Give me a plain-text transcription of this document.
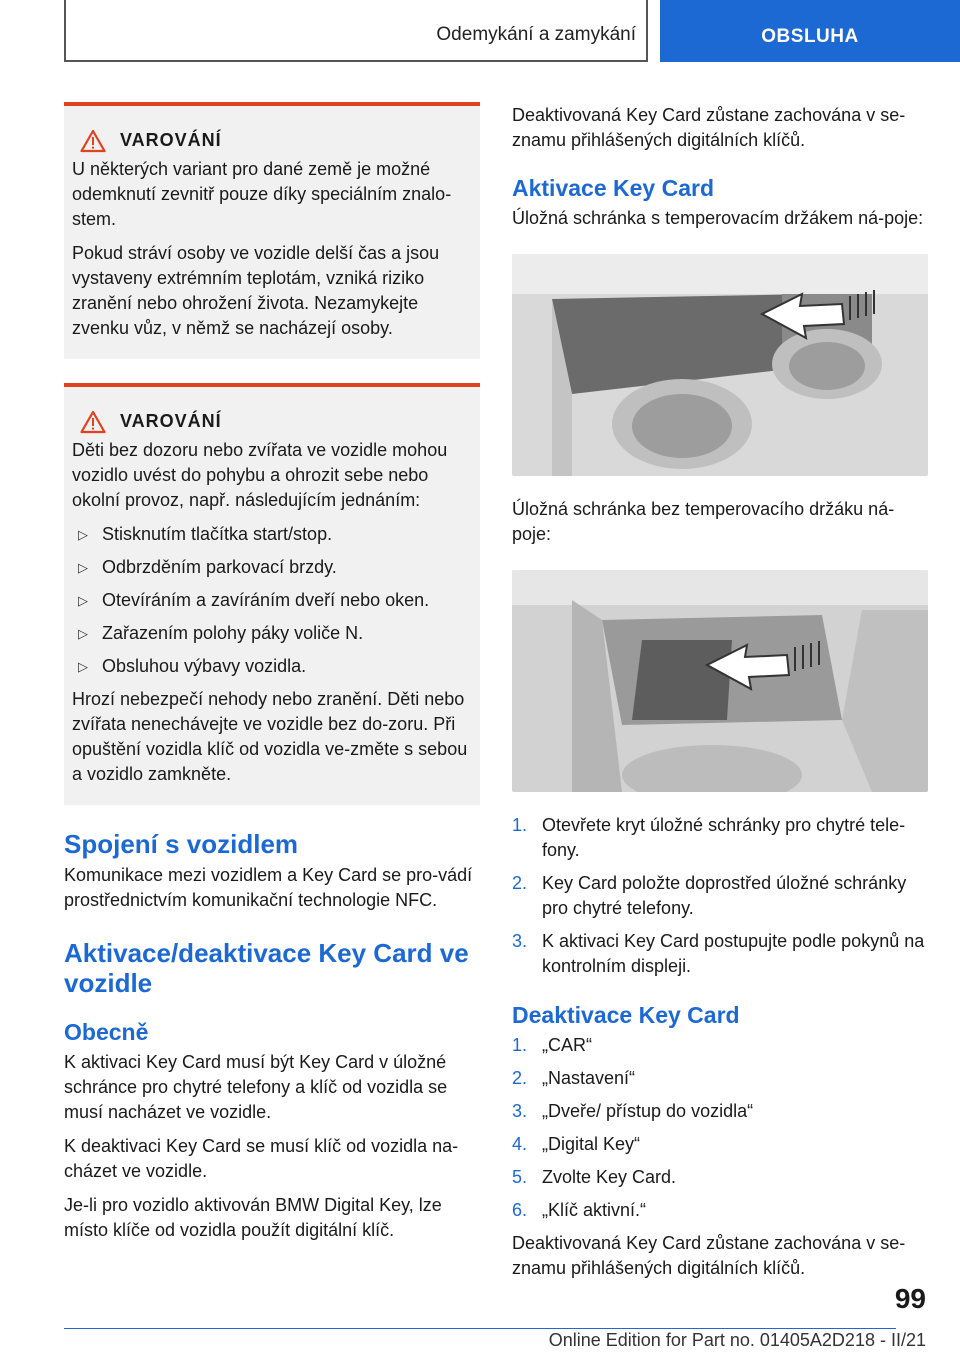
Odemykání a zamykání	OBSLUHA
VAROVÁNÍ

U některých variant pro dané země je možné odemknutí zevnitř pouze díky speciálním znalo-stem.

Pokud stráví osoby ve vozidle delší čas a jsou vystaveny extrémním teplotám, vzniká riziko zranění nebo ohrožení života. Nezamykejte zvenku vůz, v němž se nacházejí osoby.

VAROVÁNÍ

Děti bez dozoru nebo zvířata ve vozidle mohou vozidlo uvést do pohybu a ohrozit sebe nebo okolní provoz, např. následujícím jednáním:

▷ Stisknutím tlačítka start/stop.
▷ Odbrzděním parkovací brzdy.
▷ Otevíráním a zavíráním dveří nebo oken.
▷ Zařazením polohy páky voliče N.
▷ Obsluhou výbavy vozidla.

Hrozí nebezpečí nehody nebo zranění. Děti nebo zvířata nenechávejte ve vozidle bez do-zoru. Při opuštění vozidla klíč od vozidla ve-změte s sebou a vozidlo zamkněte.

Spojení s vozidlem

Komunikace mezi vozidlem a Key Card se pro-vádí prostřednictvím komunikační technologie NFC.

Aktivace/deaktivace Key Card ve vozidle
Obecně

K aktivaci Key Card musí být Key Card v úložné schránce pro chytré telefony a klíč od vozidla se musí nacházet ve vozidle.

K deaktivaci Key Card se musí klíč od vozidla na-cházet ve vozidle.

Je-li pro vozidlo aktivován BMW Digital Key, lze místo klíče od vozidla použít digitální klíč.

Deaktivovaná Key Card zůstane zachována v se-znamu přihlášených digitálních klíčů.

Aktivace Key Card

Úložná schránka s temperovacím držákem ná-poje:

Úložná schránka bez temperovacího držáku ná-poje:

1. Otevřete kryt úložné schránky pro chytré tele-fony.
2. Key Card položte doprostřed úložné schránky pro chytré telefony.
3. K aktivaci Key Card postupujte podle pokynů na kontrolním displeji.
Deaktivace Key Card
1. „CAR“
2. „Nastavení“
3. „Dveře/ přístup do vozidla“
4. „Digital Key“
5. Zvolte Key Card.
6. „Klíč aktivní.“

Deaktivovaná Key Card zůstane zachována v se-znamu přihlášených digitálních klíčů.

99
Online Edition for Part no. 01405A2D218 - II/21
